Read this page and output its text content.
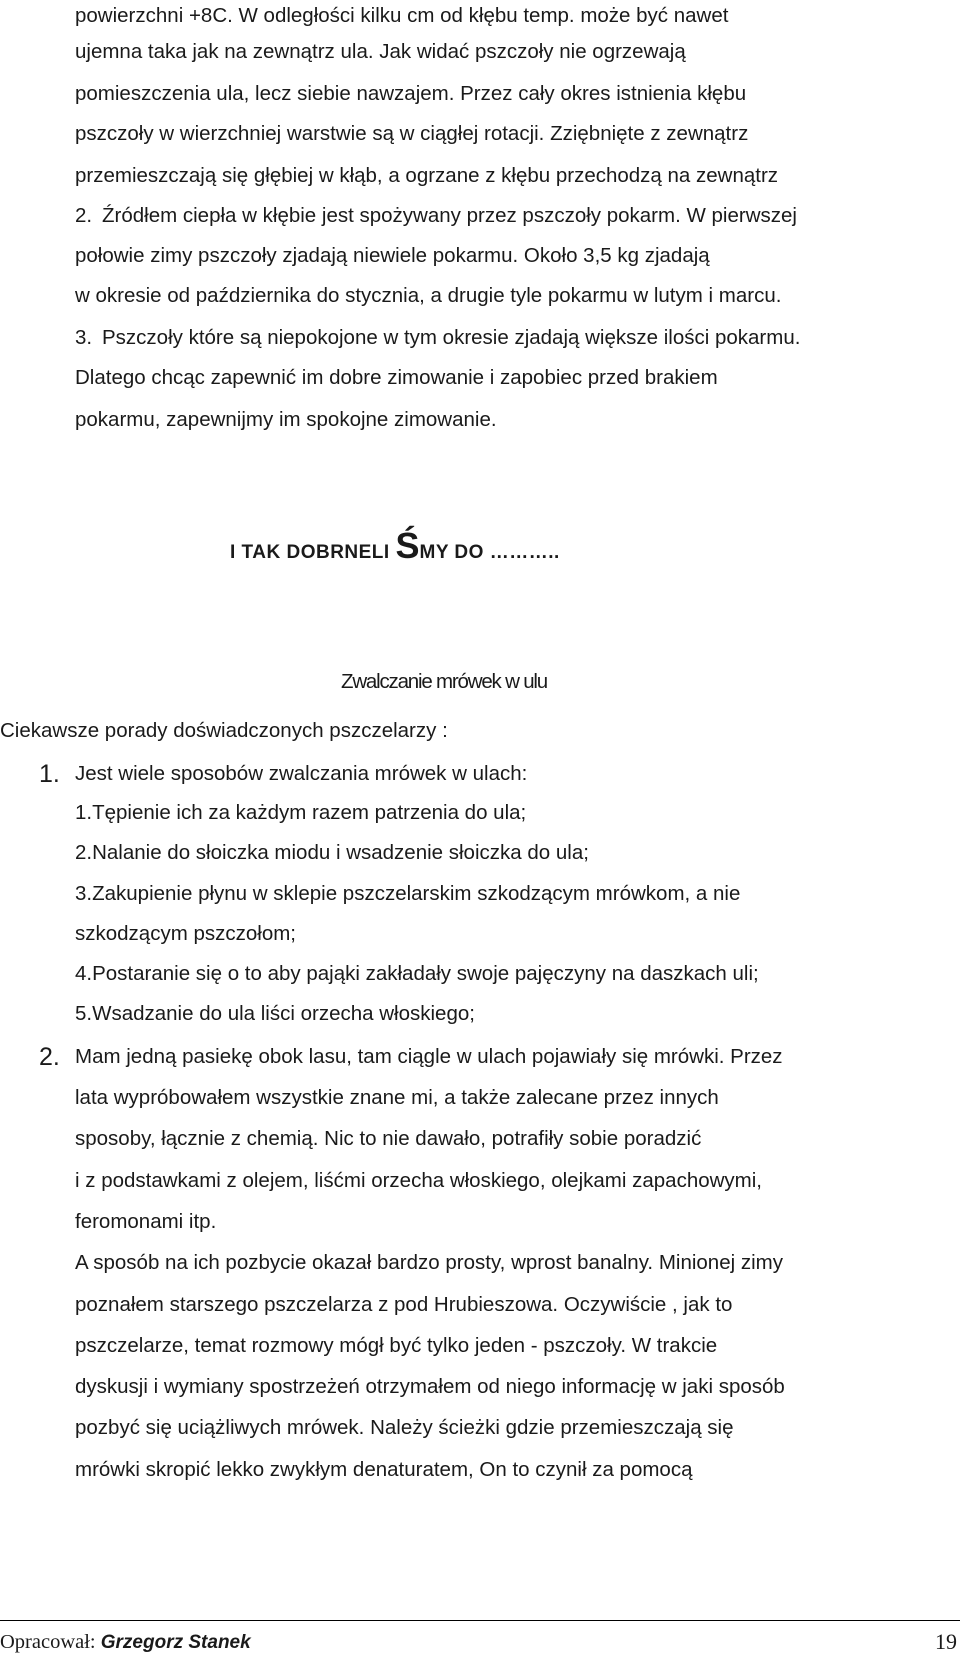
powierzchni +8C. W odległości kilku cm od kłębu temp. może być nawet
ujemna taka jak na zewnątrz ula. Jak widać pszczoły nie ogrzewają
pomieszczenia ula, lecz siebie nawzajem. Przez cały okres istnienia kłębu
pszczoły w wierzchniej warstwie są w ciągłej rotacji. Zziębnięte z zewnątrz
przemieszczają się głębiej w kłąb, a ogrzane z kłębu przechodzą na zewnątrz
2. Źródłem ciepła w kłębie jest spożywany przez pszczoły pokarm. W pierwszej
połowie zimy pszczoły zjadają niewiele pokarmu. Około 3,5 kg zjadają
w okresie od października do stycznia, a drugie tyle pokarmu w lutym i marcu.
3. Pszczoły które są niepokojone w tym okresie zjadają większe ilości pokarmu.
Dlatego chcąc zapewnić im dobre zimowanie i zapobiec przed brakiem
pokarmu, zapewnijmy im spokojne zimowanie.
I TAK DOBRNELI ŚMY DO ………..
Zwalczanie mrówek w ulu
Ciekawsze porady doświadczonych pszczelarzy :
1. Jest wiele sposobów zwalczania mrówek w ulach:
1.Tępienie ich za każdym razem patrzenia do ula;
2.Nalanie do słoiczka miodu i wsadzenie słoiczka do ula;
3.Zakupienie płynu w sklepie pszczelarskim szkodzącym mrówkom, a nie
szkodzącym pszczołom;
4.Postaranie się o to aby pająki zakładały swoje pajęczyny na daszkach uli;
5.Wsadzanie do ula liści orzecha włoskiego;
2. Mam jedną pasiekę obok lasu, tam ciągle w ulach pojawiały się mrówki. Przez
lata wypróbowałem wszystkie znane mi, a także zalecane przez innych
sposoby, łącznie z chemią. Nic to nie dawało, potrafiły sobie poradzić
i z podstawkami z olejem, liśćmi orzecha włoskiego, olejkami zapachowymi,
feromonami itp.
A sposób na ich pozbycie okazał bardzo prosty, wprost banalny. Minionej zimy
poznałem starszego pszczelarza z pod Hrubieszowa. Oczywiście , jak to
pszczelarze, temat rozmowy mógł być tylko jeden - pszczoły. W trakcie
dyskusji i wymiany spostrzeżeń otrzymałem od niego informację w jaki sposób
pozbyć się uciążliwych mrówek. Należy ścieżki gdzie przemieszczają się
mrówki skropić lekko zwykłym denaturatem, On to czynił za pomocą
Opracował: Grzegorz Stanek	19
